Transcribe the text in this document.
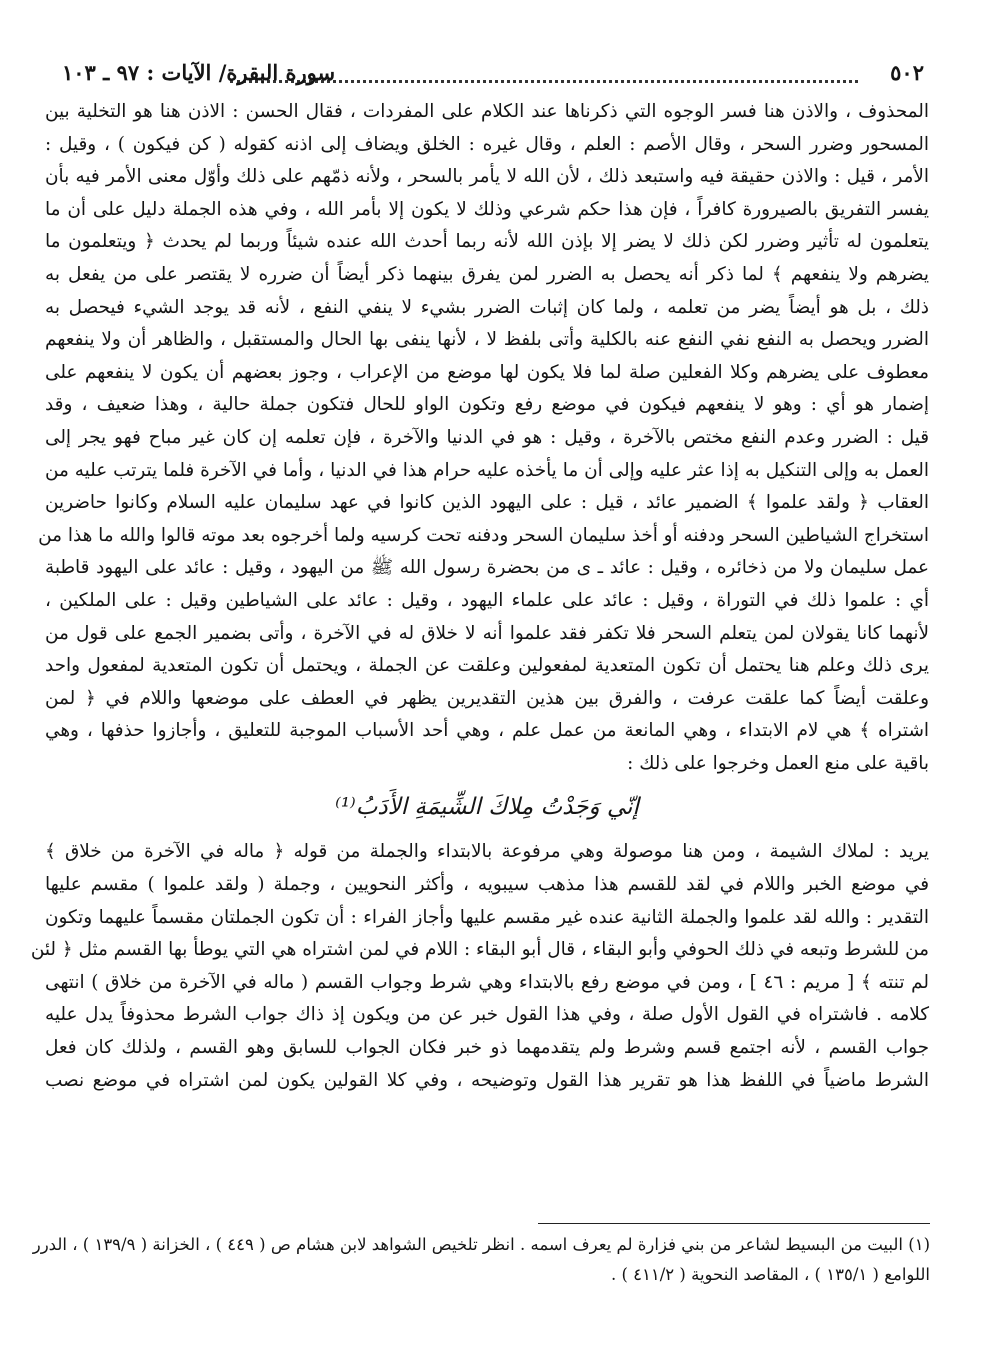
٥٠٢
سورة البقرة/ الآيات : ٩٧ ـ ١٠٣
المحذوف ، والاذن هنا فسر الوجوه التي ذكرناها عند الكلام على المفردات ، فقال الحسن : الاذن هنا هو التخلية بين
المسحور وضرر السحر ، وقال الأصم : العلم ، وقال غيره : الخلق ويضاف إلى اذنه كقوله ( كن فيكون ) ، وقيل :
الأمر ، قيل : والاذن حقيقة فيه واستبعد ذلك ، لأن الله لا يأمر بالسحر ، ولأنه ذمّهم على ذلك وأوّل معنى الأمر فيه بأن
يفسر التفريق بالصيرورة كافراً ، فإن هذا حكم شرعي وذلك لا يكون إلا بأمر الله ، وفي هذه الجملة دليل على أن ما
يتعلمون له تأثير وضرر لكن ذلك لا يضر إلا بإذن الله لأنه ربما أحدث الله عنده شيئاً وربما لم يحدث ﴿ ويتعلمون ما
يضرهم ولا ينفعهم ﴾ لما ذكر أنه يحصل به الضرر لمن يفرق بينهما ذكر أيضاً أن ضرره لا يقتصر على من يفعل به
ذلك ، بل هو أيضاً يضر من تعلمه ، ولما كان إثبات الضرر بشيء لا ينفي النفع ، لأنه قد يوجد الشيء فيحصل به
الضرر ويحصل به النفع نفي النفع عنه بالكلية وأتى بلفظ لا ، لأنها ينفى بها الحال والمستقبل ، والظاهر أن ولا ينفعهم
معطوف على يضرهم وكلا الفعلين صلة لما فلا يكون لها موضع من الإعراب ، وجوز بعضهم أن يكون لا ينفعهم على
إضمار هو أي : وهو لا ينفعهم فيكون في موضع رفع وتكون الواو للحال فتكون جملة حالية ، وهذا ضعيف ، وقد
قيل : الضرر وعدم النفع مختص بالآخرة ، وقيل : هو في الدنيا والآخرة ، فإن تعلمه إن كان غير مباح فهو يجر إلى
العمل به وإلى التنكيل به إذا عثر عليه وإلى أن ما يأخذه عليه حرام هذا في الدنيا ، وأما في الآخرة فلما يترتب عليه من
العقاب ﴿ ولقد علموا ﴾ الضمير عائد ، قيل : على اليهود الذين كانوا في عهد سليمان عليه السلام وكانوا حاضرين
استخراج الشياطين السحر ودفنه أو أخذ سليمان السحر ودفنه تحت كرسيه ولما أخرجوه بعد موته قالوا والله ما هذا من
عمل سليمان ولا من ذخائره ، وقيل : عائد ـ ى من بحضرة رسول الله ﷺ من اليهود ، وقيل : عائد على اليهود قاطبة
أي : علموا ذلك في التوراة ، وقيل : عائد على علماء اليهود ، وقيل : عائد على الشياطين وقيل : على الملكين ،
لأنهما كانا يقولان لمن يتعلم السحر فلا تكفر فقد علموا أنه لا خلاق له في الآخرة ، وأتى بضمير الجمع على قول من
يرى ذلك وعلم هنا يحتمل أن تكون المتعدية لمفعولين وعلقت عن الجملة ، ويحتمل أن تكون المتعدية لمفعول واحد
وعلقت أيضاً كما علقت عرفت ، والفرق بين هذين التقديرين يظهر في العطف على موضعها واللام في ﴿ لمن
اشتراه ﴾ هي لام الابتداء ، وهي المانعة من عمل علم ، وهي أحد الأسباب الموجبة للتعليق ، وأجازوا حذفها ، وهي
باقية على منع العمل وخرجوا على ذلك :
إنّي وَجَدْتُ مِلاكَ الشِّيمَةِ الأَدَبُ⁽¹⁾
يريد : لملاك الشيمة ، ومن هنا موصولة وهي مرفوعة بالابتداء والجملة من قوله ﴿ ماله في الآخرة من خلاق ﴾
في موضع الخبر واللام في لقد للقسم هذا مذهب سيبويه ، وأكثر النحويين ، وجملة ( ولقد علموا ) مقسم عليها
التقدير : والله لقد علموا والجملة الثانية عنده غير مقسم عليها وأجاز الفراء : أن تكون الجملتان مقسماً عليهما وتكون
من للشرط وتبعه في ذلك الحوفي وأبو البقاء ، قال أبو البقاء : اللام في لمن اشتراه هي التي يوطأ بها القسم مثل ﴿ لئن
لم تنته ﴾ [ مريم : ٤٦ ] ، ومن في موضع رفع بالابتداء وهي شرط وجواب القسم ( ماله في الآخرة من خلاق ) انتهى
كلامه . فاشتراه في القول الأول صلة ، وفي هذا القول خبر عن من ويكون إذ ذاك جواب الشرط محذوفاً يدل عليه
جواب القسم ، لأنه اجتمع قسم وشرط ولم يتقدمهما ذو خبر فكان الجواب للسابق وهو القسم ، ولذلك كان فعل
الشرط ماضياً في اللفظ هذا هو تقرير هذا القول وتوضيحه ، وفي كلا القولين يكون لمن اشتراه في موضع نصب
(١) البيت من البسيط لشاعر من بني فزارة لم يعرف اسمه . انظر تلخيص الشواهد لابن هشام ص ( ٤٤٩ ) ، الخزانة ( ١٣٩/٩ ) ، الدرر
اللوامع ( ١٣٥/١ ) ، المقاصد النحوية ( ٤١١/٢ ) .
